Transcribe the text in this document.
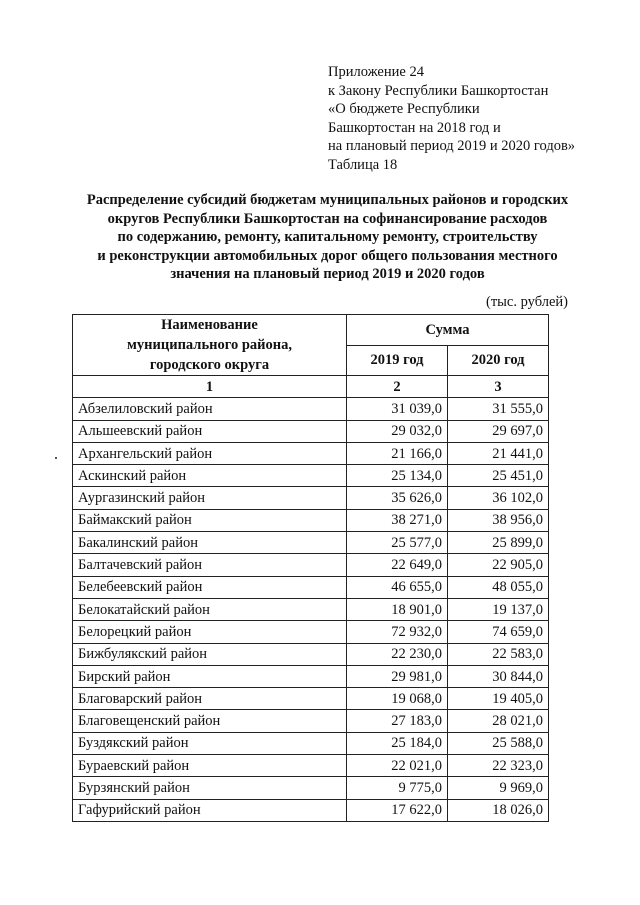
Приложение 24
к Закону Республики Башкортостан
«О бюджете Республики
Башкортостан на 2018 год и
на плановый период 2019 и 2020 годов»
Таблица 18
Распределение субсидий бюджетам муниципальных районов и городских
округов Республики Башкортостан на софинансирование расходов
по содержанию, ремонту, капитальному ремонту, строительству
и реконструкции автомобильных дорог общего пользования местного
значения на плановый период 2019 и 2020 годов
(тыс. рублей)
Наименование
муниципального района,
городского округа	Сумма	
	2019 год	2020 год
1	2	3
Абзелиловский район	31 039,0	31 555,0
Альшеевский район	29 032,0	29 697,0
Архангельский район	21 166,0	21 441,0
Аскинский район	25 134,0	25 451,0
Аургазинский район	35 626,0	36 102,0
Баймакский район	38 271,0	38 956,0
Бакалинский район	25 577,0	25 899,0
Балтачевский район	22 649,0	22 905,0
Белебеевский район	46 655,0	48 055,0
Белокатайский район	18 901,0	19 137,0
Белорецкий район	72 932,0	74 659,0
Бижбулякский район	22 230,0	22 583,0
Бирский район	29 981,0	30 844,0
Благоварский район	19 068,0	19 405,0
Благовещенский район	27 183,0	28 021,0
Буздякский район	25 184,0	25 588,0
Бураевский район	22 021,0	22 323,0
Бурзянский район	9 775,0	9 969,0
Гафурийский район	17 622,0	18 026,0
